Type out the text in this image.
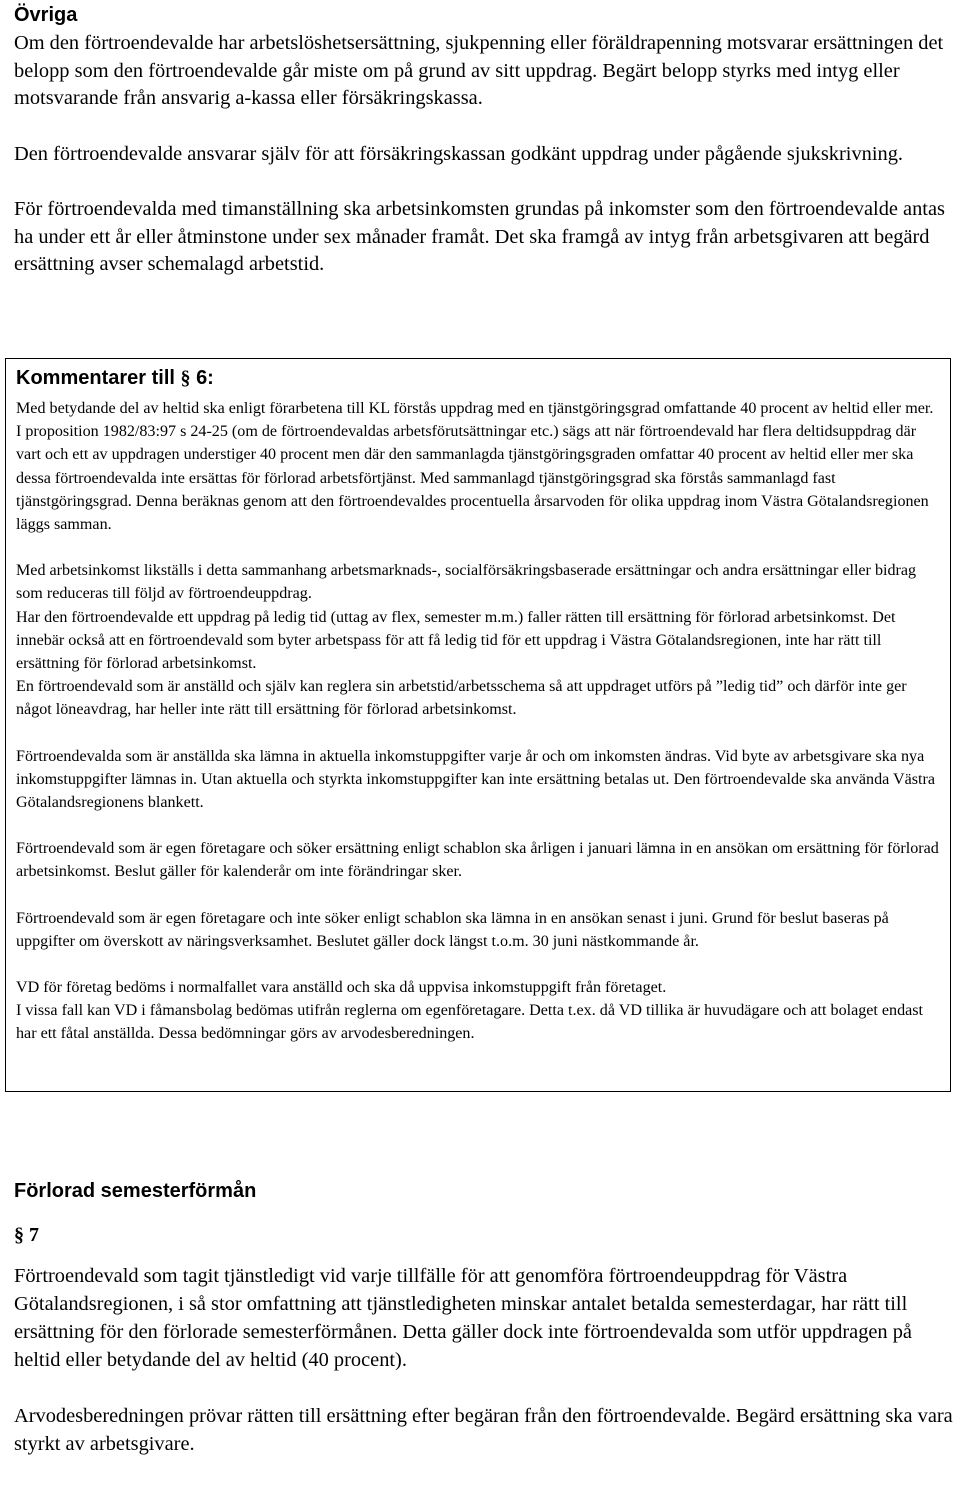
Övriga

Om den förtroendevalde har arbetslöshetsersättning, sjukpenning eller föräldrapenning motsvarar ersättningen det belopp som den förtroendevalde går miste om på grund av sitt uppdrag. Begärt belopp styrks med intyg eller motsvarande från ansvarig a-kassa eller försäkringskassa.

Den förtroendevalde ansvarar själv för att försäkringskassan godkänt uppdrag under pågående sjukskrivning.

För förtroendevalda med timanställning ska arbetsinkomsten grundas på inkomster som den förtroendevalde antas ha under ett år eller åtminstone under sex månader framåt. Det ska framgå av intyg från arbetsgivaren att begärd ersättning avser schemalagd arbetstid.

Kommentarer till § 6:

Med betydande del av heltid ska enligt förarbetena till KL förstås uppdrag med en tjänstgöringsgrad omfattande 40 procent av heltid eller mer. I proposition 1982/83:97 s 24-25 (om de förtroendevaldas arbetsförutsättningar etc.) sägs att när förtroendevald har flera deltidsuppdrag där vart och ett av uppdragen understiger 40 procent men där den sammanlagda tjänstgöringsgraden omfattar 40 procent av heltid eller mer ska dessa förtroendevalda inte ersättas för förlorad arbetsförtjänst. Med sammanlagd tjänstgöringsgrad ska förstås sammanlagd fast tjänstgöringsgrad. Denna beräknas genom att den förtroendevaldes procentuella årsarvoden för olika uppdrag inom Västra Götalandsregionen läggs samman.

Med arbetsinkomst likställs i detta sammanhang arbetsmarknads-, socialförsäkringsbaserade ersättningar och andra ersättningar eller bidrag som reduceras till följd av förtroendeuppdrag.

Har den förtroendevalde ett uppdrag på ledig tid (uttag av flex, semester m.m.) faller rätten till ersättning för förlorad arbetsinkomst. Det innebär också att en förtroendevald som byter arbetspass för att få ledig tid för ett uppdrag i Västra Götalandsregionen, inte har rätt till ersättning för förlorad arbetsinkomst.

En förtroendevald som är anställd och själv kan reglera sin arbetstid/arbetsschema så att uppdraget utförs på ”ledig tid” och därför inte ger något löneavdrag, har heller inte rätt till ersättning för förlorad arbetsinkomst.

Förtroendevalda som är anställda ska lämna in aktuella inkomstuppgifter varje år och om inkomsten ändras. Vid byte av arbetsgivare ska nya inkomstuppgifter lämnas in. Utan aktuella och styrkta inkomstuppgifter kan inte ersättning betalas ut. Den förtroendevalde ska använda Västra Götalandsregionens blankett.

Förtroendevald som är egen företagare och söker ersättning enligt schablon ska årligen i januari lämna in en ansökan om ersättning för förlorad arbetsinkomst. Beslut gäller för kalenderår om inte förändringar sker.

Förtroendevald som är egen företagare och inte söker enligt schablon ska lämna in en ansökan senast i juni. Grund för beslut baseras på uppgifter om överskott av näringsverksamhet. Beslutet gäller dock längst t.o.m. 30 juni nästkommande år.

VD för företag bedöms i normalfallet vara anställd och ska då uppvisa inkomstuppgift från företaget.

I vissa fall kan VD i fåmansbolag bedömas utifrån reglerna om egenföretagare. Detta t.ex. då VD tillika är huvudägare och att bolaget endast har ett fåtal anställda. Dessa bedömningar görs av arvodesberedningen.

Förlorad semesterförmån
§ 7

Förtroendevald som tagit tjänstledigt vid varje tillfälle för att genomföra förtroendeuppdrag för Västra Götalandsregionen, i så stor omfattning att tjänstledigheten minskar antalet betalda semesterdagar, har rätt till ersättning för den förlorade semesterförmånen. Detta gäller dock inte förtroendevalda som utför uppdragen på heltid eller betydande del av heltid (40 procent).

Arvodesberedningen prövar rätten till ersättning efter begäran från den förtroendevalde. Begärd ersättning ska vara styrkt av arbetsgivare.
